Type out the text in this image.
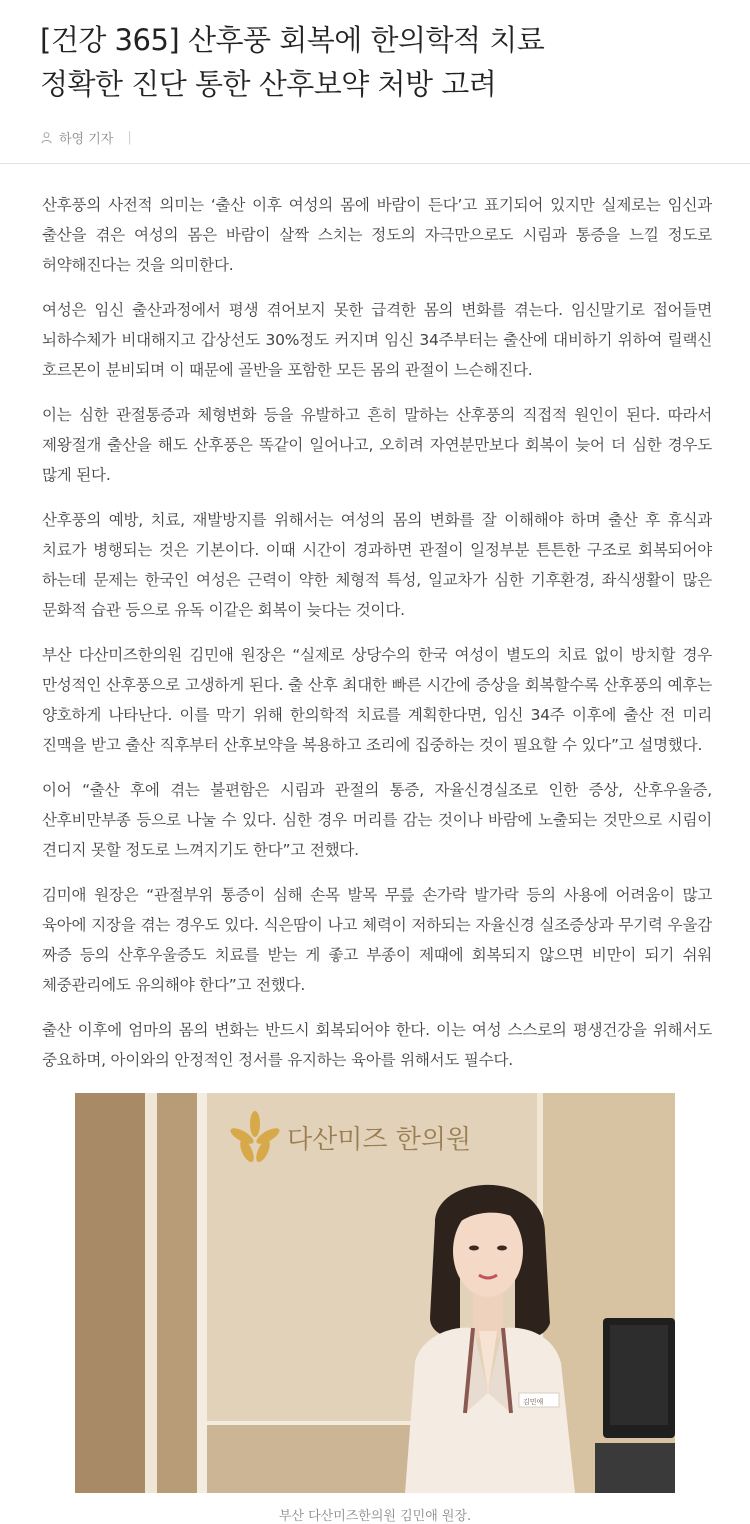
[건강 365] 산후풍 회복에 한의학적 치료
정확한 진단 통한 산후보약 처방 고려
하영 기자 |

산후풍의 사전적 의미는 ‘출산 이후 여성의 몸에 바람이 든다’고 표기되어 있지만 실제로는 임신과 출산을 겪은 여성의 몸은 바람이 살짝 스치는 정도의 자극만으로도 시림과 통증을 느낄 정도로 허약해진다는 것을 의미한다.

여성은 임신 출산과정에서 평생 겪어보지 못한 급격한 몸의 변화를 겪는다. 임신말기로 접어들면 뇌하수체가 비대해지고 갑상선도 30%정도 커지며 임신 34주부터는 출산에 대비하기 위하여 릴랙신 호르몬이 분비되며 이 때문에 골반을 포함한 모든 몸의 관절이 느슨해진다.

이는 심한 관절통증과 체형변화 등을 유발하고 흔히 말하는 산후풍의 직접적 원인이 된다. 따라서 제왕절개 출산을 해도 산후풍은 똑같이 일어나고, 오히려 자연분만보다 회복이 늦어 더 심한 경우도 많게 된다.

산후풍의 예방, 치료, 재발방지를 위해서는 여성의 몸의 변화를 잘 이해해야 하며 출산 후 휴식과 치료가 병행되는 것은 기본이다. 이때 시간이 경과하면 관절이 일정부분 튼튼한 구조로 회복되어야 하는데 문제는 한국인 여성은 근력이 약한 체형적 특성, 일교차가 심한 기후환경, 좌식생활이 많은 문화적 습관 등으로 유독 이같은 회복이 늦다는 것이다.

부산 다산미즈한의원 김민애 원장은 “실제로 상당수의 한국 여성이 별도의 치료 없이 방치할 경우 만성적인 산후풍으로 고생하게 된다. 출 산후 최대한 빠른 시간에 증상을 회복할수록 산후풍의 예후는 양호하게 나타난다. 이를 막기 위해 한의학적 치료를 계획한다면, 임신 34주 이후에 출산 전 미리 진맥을 받고 출산 직후부터 산후보약을 복용하고 조리에 집중하는 것이 필요할 수 있다”고 설명했다.

이어 “출산 후에 겪는 불편함은 시림과 관절의 통증, 자율신경실조로 인한 증상, 산후우울증, 산후비만부종 등으로 나눌 수 있다. 심한 경우 머리를 감는 것이나 바람에 노출되는 것만으로 시림이 견디지 못할 정도로 느껴지기도 한다”고 전했다.

김미애 원장은 “관절부위 통증이 심해 손목 발목 무릎 손가락 발가락 등의 사용에 어려움이 많고 육아에 지장을 겪는 경우도 있다. 식은땀이 나고 체력이 저하되는 자율신경 실조증상과 무기력 우울감 짜증 등의 산후우울증도 치료를 받는 게 좋고 부종이 제때에 회복되지 않으면 비만이 되기 쉬워 체중관리에도 유의해야 한다”고 전했다.

출산 이후에 엄마의 몸의 변화는 반드시 회복되어야 한다. 이는 여성 스스로의 평생건강을 위해서도 중요하며, 아이와의 안정적인 정서를 유지하는 육아를 위해서도 필수다.

다산미즈 한의원
김민애
부산 다산미즈한의원 김민애 원장.
